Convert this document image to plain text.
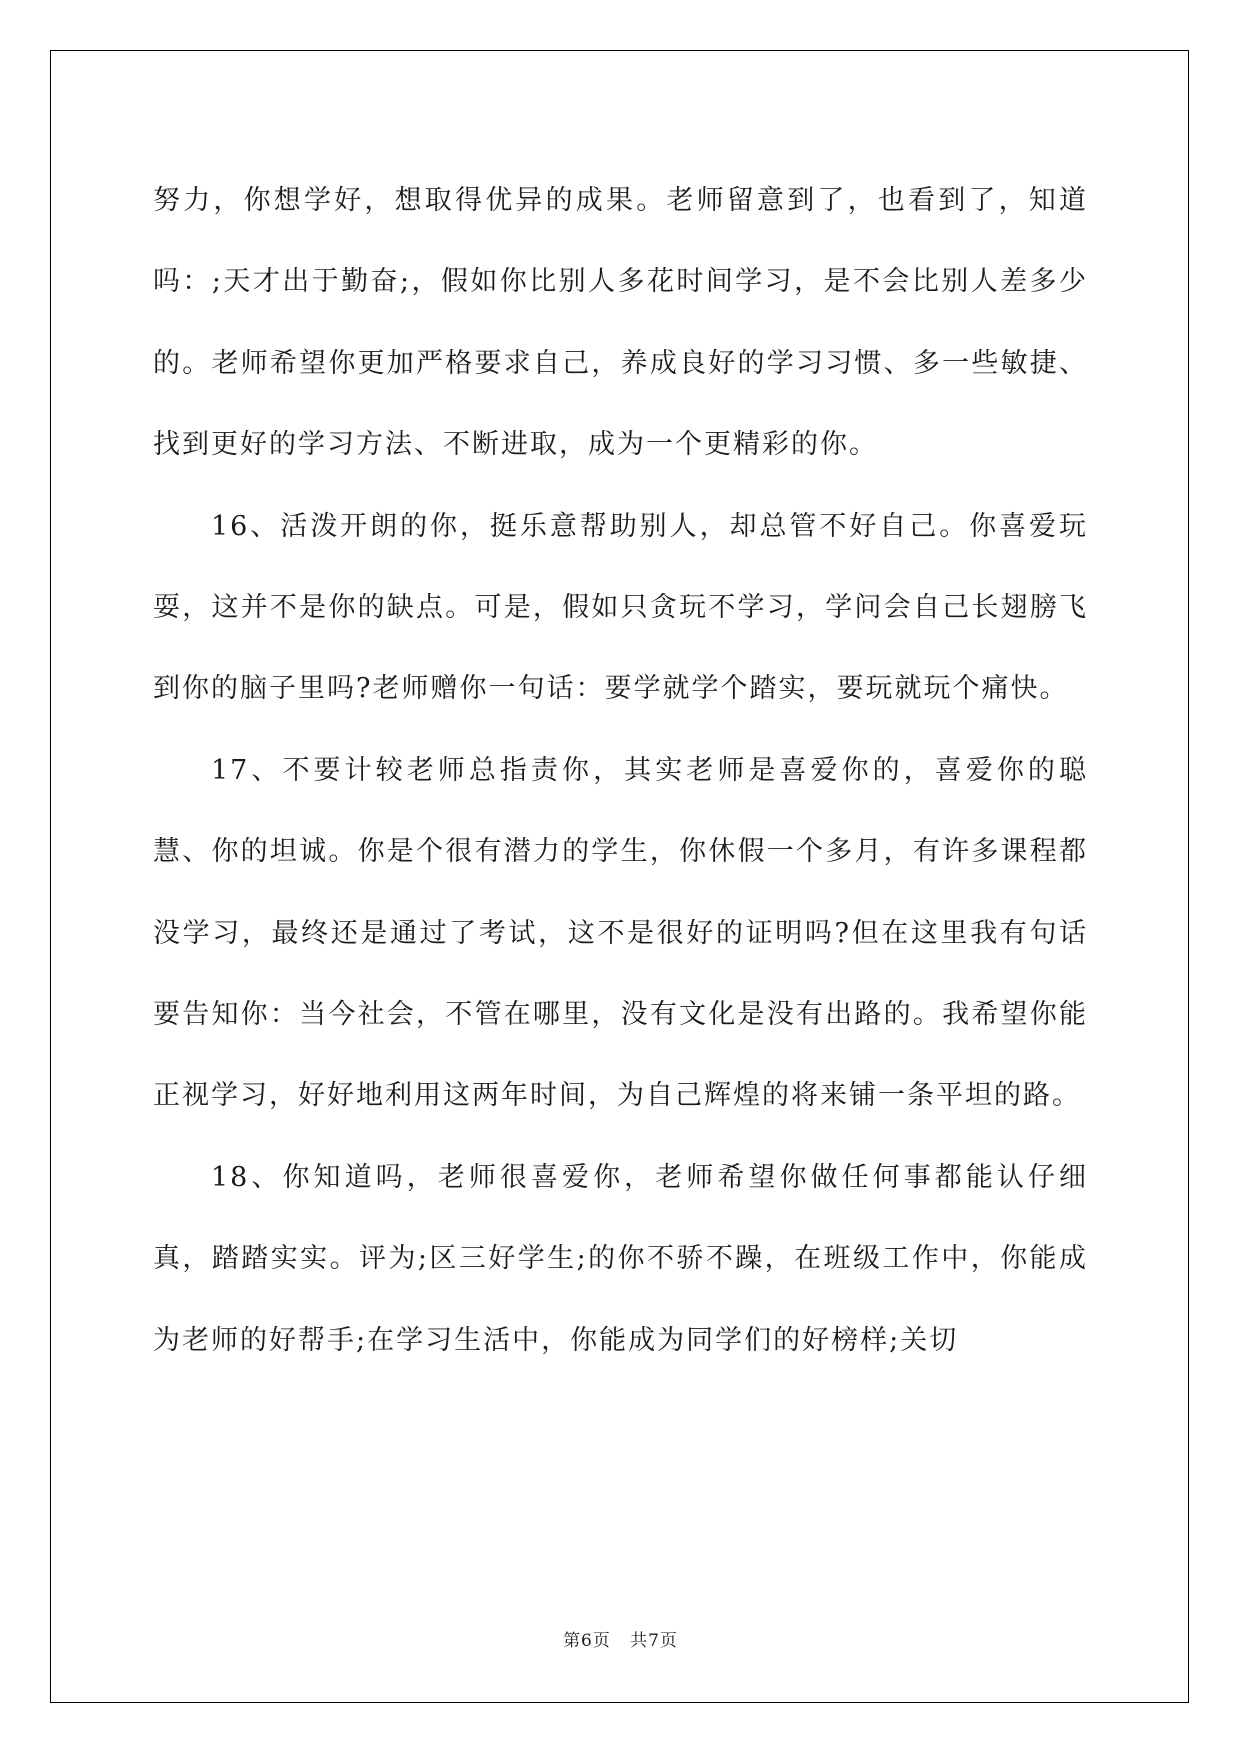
努力，你想学好，想取得优异的成果。老师留意到了，也看到了，知道吗：;天才出于勤奋;，假如你比别人多花时间学习，是不会比别人差多少的。老师希望你更加严格要求自己，养成良好的学习习惯、多一些敏捷、找到更好的学习方法、不断进取，成为一个更精彩的你。

16、活泼开朗的你，挺乐意帮助别人，却总管不好自己。你喜爱玩耍，这并不是你的缺点。可是，假如只贪玩不学习，学问会自己长翅膀飞到你的脑子里吗?老师赠你一句话：要学就学个踏实，要玩就玩个痛快。

17、不要计较老师总指责你，其实老师是喜爱你的，喜爱你的聪慧、你的坦诚。你是个很有潜力的学生，你休假一个多月，有许多课程都没学习，最终还是通过了考试，这不是很好的证明吗?但在这里我有句话要告知你：当今社会，不管在哪里，没有文化是没有出路的。我希望你能正视学习，好好地利用这两年时间，为自己辉煌的将来铺一条平坦的路。

18、你知道吗，老师很喜爱你，老师希望你做任何事都能认仔细真，踏踏实实。评为;区三好学生;的你不骄不躁，在班级工作中，你能成为老师的好帮手;在学习生活中，你能成为同学们的好榜样;关切

第6页 共7页
